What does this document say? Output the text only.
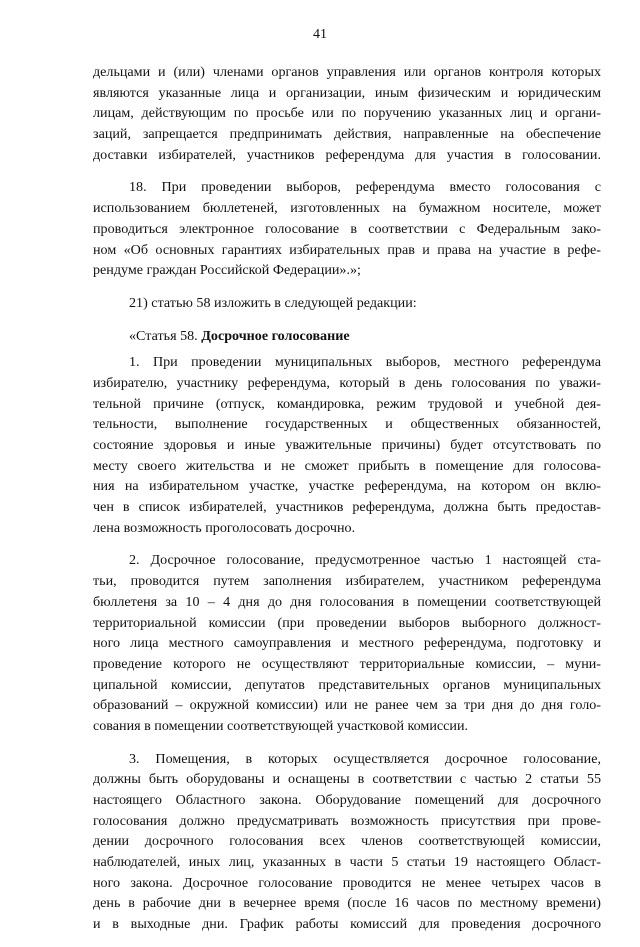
41
дельцами и (или) членами органов управления или органов контроля которых
являются указанные лица и организации, иным физическим и юридическим
лицам, действующим по просьбе или по поручению указанных лиц и органи-
заций, запрещается предпринимать действия, направленные на обеспечение
доставки избирателей, участников референдума для участия в голосовании.
18. При проведении выборов, референдума вместо голосования с
использованием бюллетеней, изготовленных на бумажном носителе, может
проводиться электронное голосование в соответствии с Федеральным зако-
ном «Об основных гарантиях избирательных прав и права на участие в рефе-
рендуме граждан Российской Федерации».»;
21) статью 58 изложить в следующей редакции:
«Статья 58. Досрочное голосование
1. При проведении муниципальных выборов, местного референдума
избирателю, участнику референдума, который в день голосования по уважи-
тельной причине (отпуск, командировка, режим трудовой и учебной дея-
тельности, выполнение государственных и общественных обязанностей,
состояние здоровья и иные уважительные причины) будет отсутствовать по
месту своего жительства и не сможет прибыть в помещение для голосова-
ния на избирательном участке, участке референдума, на котором он вклю-
чен в список избирателей, участников референдума, должна быть предостав-
лена возможность проголосовать досрочно.
2. Досрочное голосование, предусмотренное частью 1 настоящей ста-
тьи, проводится путем заполнения избирателем, участником референдума
бюллетеня за 10 – 4 дня до дня голосования в помещении соответствующей
территориальной комиссии (при проведении выборов выборного должност-
ного лица местного самоуправления и местного референдума, подготовку и
проведение которого не осуществляют территориальные комиссии, – муни-
ципальной комиссии, депутатов представительных органов муниципальных
образований – окружной комиссии) или не ранее чем за три дня до дня голо-
сования в помещении соответствующей участковой комиссии.
3. Помещения, в которых осуществляется досрочное голосование,
должны быть оборудованы и оснащены в соответствии с частью 2 статьи 55
настоящего Областного закона. Оборудование помещений для досрочного
голосования должно предусматривать возможность присутствия при прове-
дении досрочного голосования всех членов соответствующей комиссии,
наблюдателей, иных лиц, указанных в части 5 статьи 19 настоящего Област-
ного закона. Досрочное голосование проводится не менее четырех часов в
день в рабочие дни в вечернее время (после 16 часов по местному времени)
и в выходные дни. График работы комиссий для проведения досрочного
